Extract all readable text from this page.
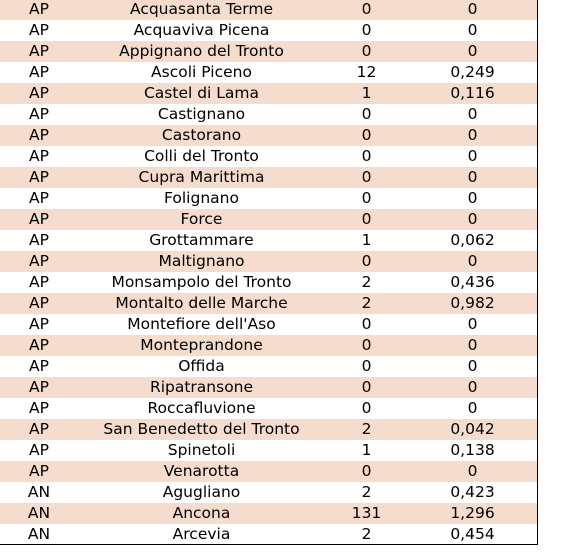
AP	Acquasanta Terme	0	0
AP	Acquaviva Picena	0	0
AP	Appignano del Tronto	0	0
AP	Ascoli Piceno	12	0,249
AP	Castel di Lama	1	0,116
AP	Castignano	0	0
AP	Castorano	0	0
AP	Colli del Tronto	0	0
AP	Cupra Marittima	0	0
AP	Folignano	0	0
AP	Force	0	0
AP	Grottammare	1	0,062
AP	Maltignano	0	0
AP	Monsampolo del Tronto	2	0,436
AP	Montalto delle Marche	2	0,982
AP	Montefiore dell'Aso	0	0
AP	Monteprandone	0	0
AP	Offida	0	0
AP	Ripatransone	0	0
AP	Roccafluvione	0	0
AP	San Benedetto del Tronto	2	0,042
AP	Spinetoli	1	0,138
AP	Venarotta	0	0
AN	Agugliano	2	0,423
AN	Ancona	131	1,296
AN	Arcevia	2	0,454
